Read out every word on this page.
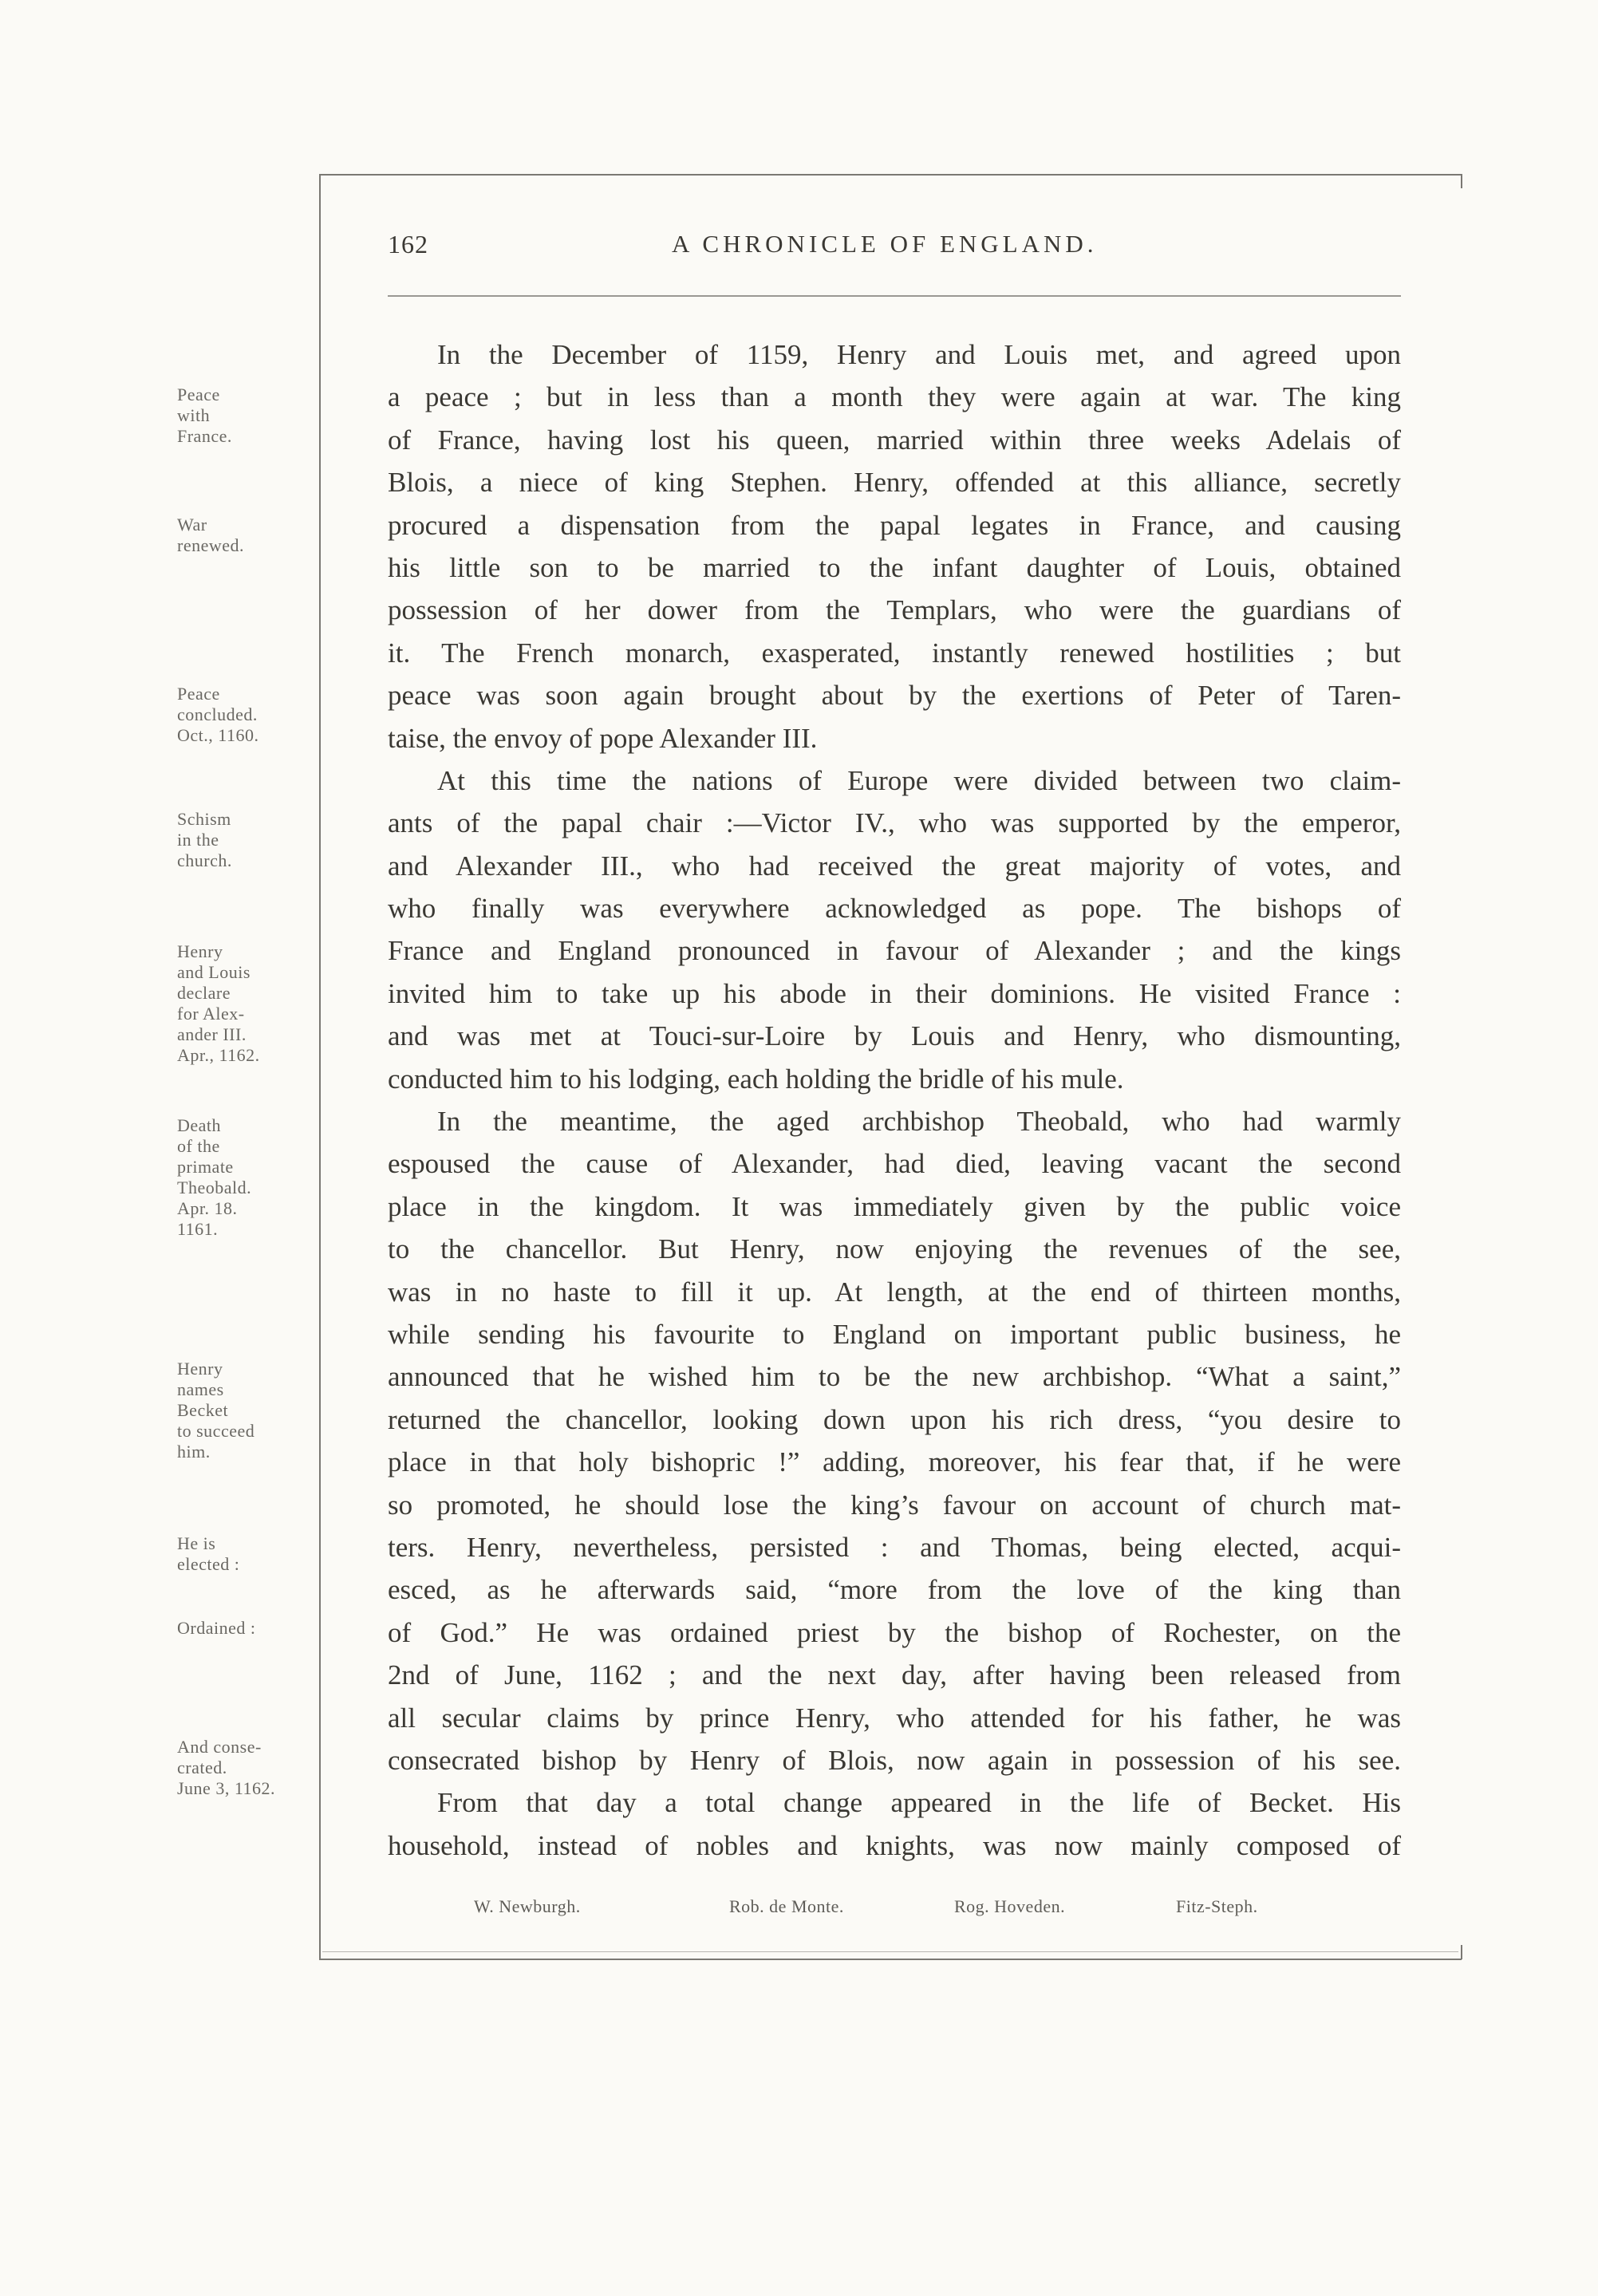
162	A CHRONICLE OF ENGLAND.
Peace
with
France.
War
renewed.
Peace
concluded.
Oct., 1160.
Schism
in the
church.
Henry
and Louis
declare
for Alex-
ander III.
Apr., 1162.
Death
of the
primate
Theobald.
Apr. 18.
1161.
Henry
names
Becket
to succeed
him.
He is
elected :
Ordained :
And conse-
crated.
June 3, 1162.
In the December of 1159, Henry and Louis met, and agreed upon
a peace ; but in less than a month they were again at war. The king
of France, having lost his queen, married within three weeks Adelais of
Blois, a niece of king Stephen. Henry, offended at this alliance, secretly
procured a dispensation from the papal legates in France, and causing
his little son to be married to the infant daughter of Louis, obtained
possession of her dower from the Templars, who were the guardians of
it. The French monarch, exasperated, instantly renewed hostilities ; but
peace was soon again brought about by the exertions of Peter of Taren-
taise, the envoy of pope Alexander III.
At this time the nations of Europe were divided between two claim-
ants of the papal chair :—Victor IV., who was supported by the emperor,
and Alexander III., who had received the great majority of votes, and
who finally was everywhere acknowledged as pope. The bishops of
France and England pronounced in favour of Alexander ; and the kings
invited him to take up his abode in their dominions. He visited France :
and was met at Touci-sur-Loire by Louis and Henry, who dismounting,
conducted him to his lodging, each holding the bridle of his mule.
In the meantime, the aged archbishop Theobald, who had warmly
espoused the cause of Alexander, had died, leaving vacant the second
place in the kingdom. It was immediately given by the public voice
to the chancellor. But Henry, now enjoying the revenues of the see,
was in no haste to fill it up. At length, at the end of thirteen months,
while sending his favourite to England on important public business, he
announced that he wished him to be the new archbishop. “What a saint,”
returned the chancellor, looking down upon his rich dress, “you desire to
place in that holy bishopric !” adding, moreover, his fear that, if he were
so promoted, he should lose the king’s favour on account of church mat-
ters. Henry, nevertheless, persisted : and Thomas, being elected, acqui-
esced, as he afterwards said, “more from the love of the king than
of God.” He was ordained priest by the bishop of Rochester, on the
2nd of June, 1162 ; and the next day, after having been released from
all secular claims by prince Henry, who attended for his father, he was
consecrated bishop by Henry of Blois, now again in possession of his see.
From that day a total change appeared in the life of Becket. His
household, instead of nobles and knights, was now mainly composed of
W. Newburgh.	Rob. de Monte.	Rog. Hoveden.	Fitz-Steph.
